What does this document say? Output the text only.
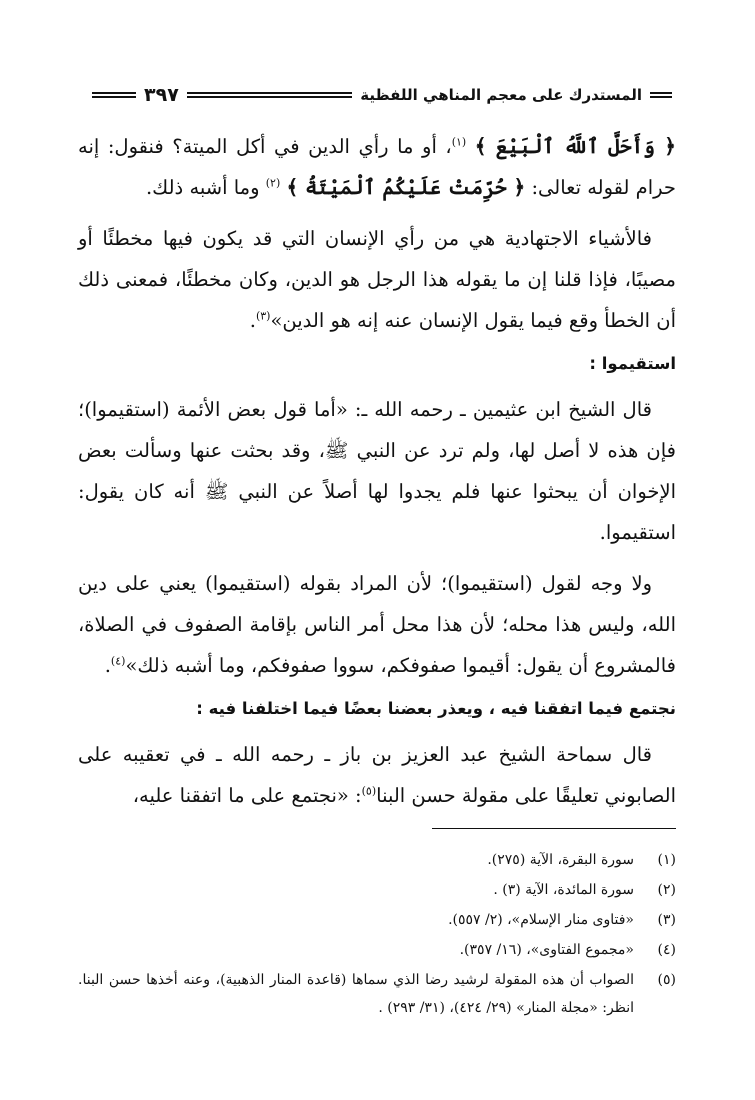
المستدرك على معجم المناهي اللفظية
٣٩٧

﴿ وَأَحَلَّ ٱللَّهُ ٱلْبَيْعَ ﴾ $^{(١)}$، أو ما رأي الدين في أكل الميتة؟ فنقول: إنه حرام لقوله تعالى: ﴿ حُرِّمَتْ عَلَيْكُمُ ٱلْمَيْتَةُ ﴾ $^{(٢)}$ وما أشبه ذلك.

فالأشياء الاجتهادية هي من رأي الإنسان التي قد يكون فيها مخطئًا أو مصيبًا، فإذا قلنا إن ما يقوله هذا الرجل هو الدين، وكان مخطئًا، فمعنى ذلك أن الخطأ وقع فيما يقول الإنسان عنه إنه هو الدين»$^{(٣)}$.

استقيموا :

قال الشيخ ابن عثيمين ـ رحمه الله ـ: «أما قول بعض الأئمة (استقيموا)؛ فإن هذه لا أصل لها، ولم ترد عن النبي ﷺ، وقد بحثت عنها وسألت بعض الإخوان أن يبحثوا عنها فلم يجدوا لها أصلاً عن النبي ﷺ أنه كان يقول: استقيموا.

ولا وجه لقول (استقيموا)؛ لأن المراد بقوله (استقيموا) يعني على دين الله، وليس هذا محله؛ لأن هذا محل أمر الناس بإقامة الصفوف في الصلاة، فالمشروع أن يقول: أقيموا صفوفكم، سووا صفوفكم، وما أشبه ذلك»$^{(٤)}$.

نجتمع فيما اتفقنا فيه ، ويعذر بعضنا بعضًا فيما اختلفنا فيه :

قال سماحة الشيخ عبد العزيز بن باز ـ رحمه الله ـ في تعقيبه على الصابوني تعليقًا على مقولة حسن البنا$^{(٥)}$: «نجتمع على ما اتفقنا عليه،

(١)
سورة البقرة، الآية (٢٧٥).
(٢)
سورة المائدة، الآية (٣) .
(٣)
«فتاوى منار الإسلام»، (٢/ ٥٥٧).
(٤)
«مجموع الفتاوى»، (١٦/ ٣٥٧).
(٥)
الصواب أن هذه المقولة لرشيد رضا الذي سماها (قاعدة المنار الذهبية)، وعنه أخذها حسن البنا. انظر: «مجلة المنار» (٢٩/ ٤٢٤)، (٣١/ ٢٩٣) .
